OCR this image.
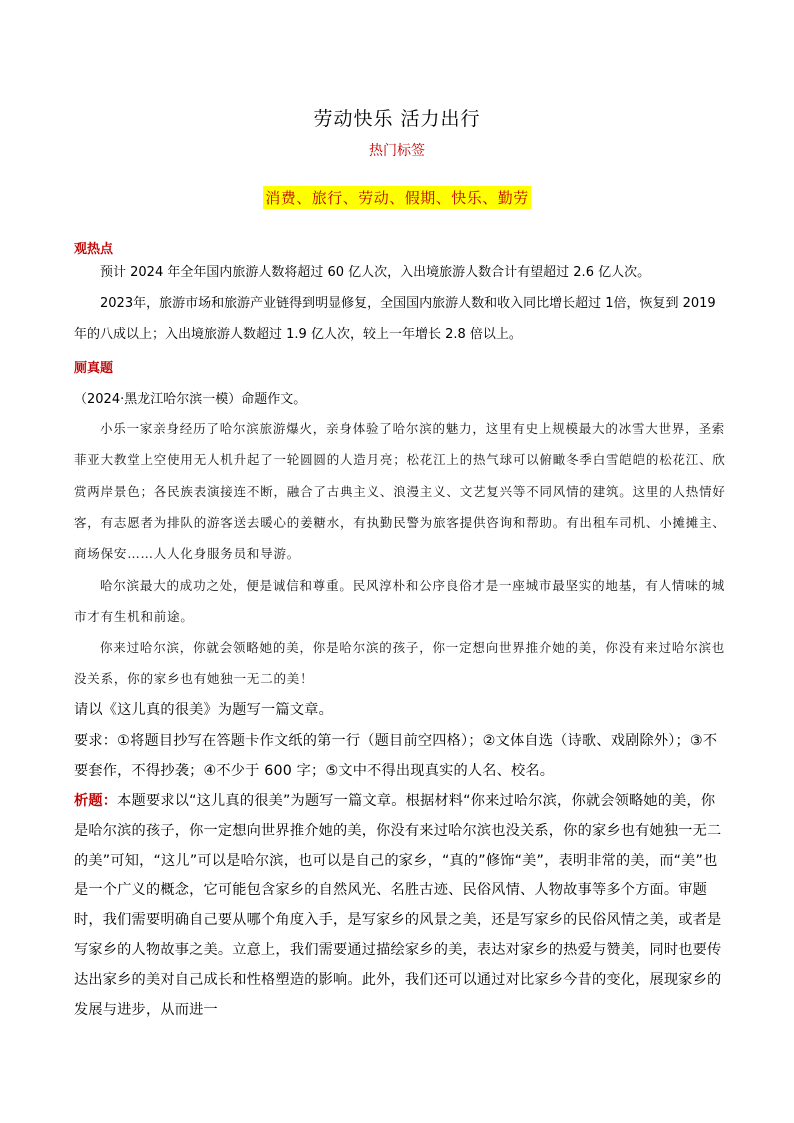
劳动快乐 活力出行
热门标签
消费、旅行、劳动、假期、快乐、勤劳
观热点

预计 2024 年全年国内旅游人数将超过 60 亿人次，入出境旅游人数合计有望超过 2.6 亿人次。

2023年，旅游市场和旅游产业链得到明显修复，全国国内旅游人数和收入同比增长超过 1倍，恢复到 2019 年的八成以上；入出境旅游人数超过 1.9 亿人次，较上一年增长 2.8 倍以上。

厕真题
（2024·黑龙江哈尔滨一模）命题作文。

小乐一家亲身经历了哈尔滨旅游爆火，亲身体验了哈尔滨的魅力，这里有史上规模最大的冰雪大世界，圣索菲亚大教堂上空使用无人机升起了一轮圆圆的人造月亮；松花江上的热气球可以俯瞰冬季白雪皑皑的松花江、欣赏两岸景色；各民族表演接连不断，融合了古典主义、浪漫主义、文艺复兴等不同风情的建筑。这里的人热情好客，有志愿者为排队的游客送去暖心的姜糖水，有执勤民警为旅客提供咨询和帮助。有出租车司机、小摊摊主、商场保安……人人化身服务员和导游。

哈尔滨最大的成功之处，便是诚信和尊重。民风淳朴和公序良俗才是一座城市最坚实的地基，有人情味的城市才有生机和前途。

你来过哈尔滨，你就会领略她的美，你是哈尔滨的孩子，你一定想向世界推介她的美，你没有来过哈尔滨也没关系，你的家乡也有她独一无二的美！

请以《这儿真的很美》为题写一篇文章。

要求：①将题目抄写在答题卡作文纸的第一行（题目前空四格）；②文体自选（诗歌、戏剧除外）；③不要套作，不得抄袭；④不少于 600 字；⑤文中不得出现真实的人名、校名。

析题：本题要求以“这儿真的很美”为题写一篇文章。根据材料“你来过哈尔滨，你就会领略她的美，你是哈尔滨的孩子，你一定想向世界推介她的美，你没有来过哈尔滨也没关系，你的家乡也有她独一无二的美”可知，“这儿”可以是哈尔滨，也可以是自己的家乡，“真的”修饰“美”，表明非常的美，而“美”也是一个广义的概念，它可能包含家乡的自然风光、名胜古迹、民俗风情、人物故事等多个方面。审题时，我们需要明确自己要从哪个角度入手，是写家乡的风景之美，还是写家乡的民俗风情之美，或者是写家乡的人物故事之美。立意上，我们需要通过描绘家乡的美，表达对家乡的热爱与赞美，同时也要传达出家乡的美对自己成长和性格塑造的影响。此外，我们还可以通过对比家乡今昔的变化，展现家乡的发展与进步，从而进一
